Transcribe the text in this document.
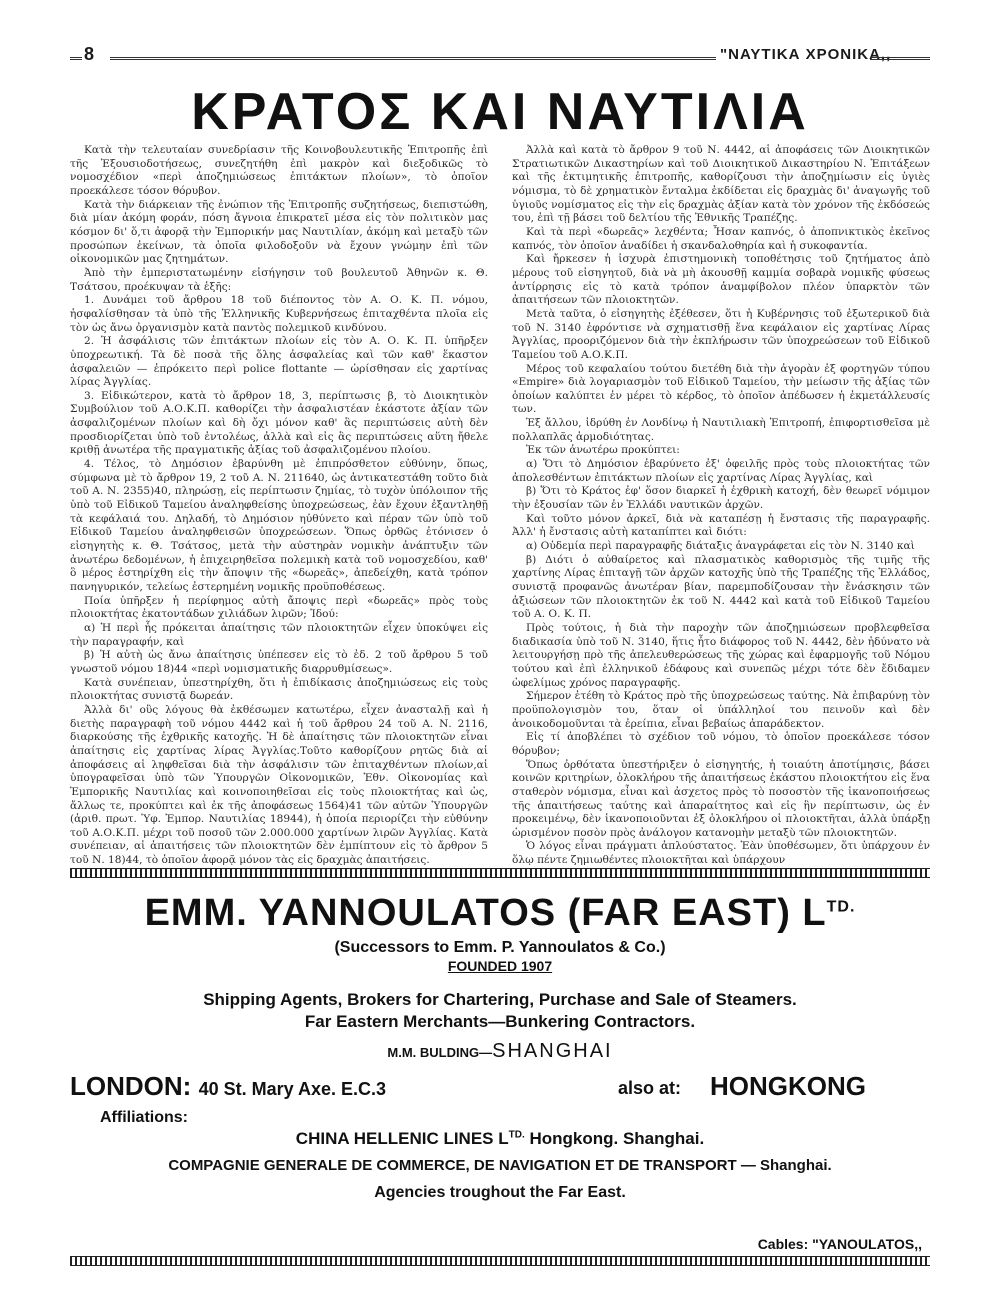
8	"ΝΑΥΤΙΚΑ ΧΡΟΝΙΚΑ,,
ΚΡΑΤΟΣ ΚΑΙ ΝΑΥΤΙΛΙΑ

Κατὰ τὴν τελευταίαν συνεδρίασιν τῆς Κοινοβουλευτικῆς Ἐπιτροπῆς ἐπὶ τῆς Ἐξουσιοδοτήσεως, συνεζητήθη ἐπὶ μακρὸν καὶ διεξοδικῶς τὸ νομοσχέδιον «περὶ ἀποζημιώσεως ἐπιτάκτων πλοίων», τὸ ὁποῖον προεκάλεσε τόσον θόρυβον.

Κατὰ τὴν διάρκειαν τῆς ἐνώπιον τῆς Ἐπιτροπῆς συζητήσεως, διεπιστώθη, διὰ μίαν ἀκόμη φοράν, πόση ἄγνοια ἐπικρατεῖ μέσα εἰς τὸν πολιτικὸν μας κόσμον δι' ὅ,τι ἀφορᾷ τὴν Ἐμπορικήν μας Ναυτιλίαν, ἀκόμη καὶ μεταξὺ τῶν προσώπων ἐκείνων, τὰ ὁποῖα φιλοδοξοῦν νὰ ἔχουν γνώμην ἐπὶ τῶν οἰκονομικῶν μας ζητημάτων.

Ἀπὸ τὴν ἐμπεριστατωμένην εἰσήγησιν τοῦ βουλευτοῦ Ἀθηνῶν κ. Θ. Τσάτσου, προέκυψαν τὰ ἑξῆς:

1. Δυνάμει τοῦ ἄρθρου 18 τοῦ διέποντος τὸν Α. Ο. Κ. Π. νόμου, ἠσφαλίσθησαν τὰ ὑπὸ τῆς Ἑλληνικῆς Κυβερνήσεως ἐπιταχθέντα πλοῖα εἰς τὸν ὡς ἄνω ὀργανισμὸν κατὰ παντὸς πολεμικοῦ κινδύνου.

2. Ἡ ἀσφάλισις τῶν ἐπιτάκτων πλοίων εἰς τὸν Α. Ο. Κ. Π. ὑπῆρξεν ὑποχρεωτική. Τὰ δὲ ποσὰ τῆς ὅλης ἀσφαλείας καὶ τῶν καθ' ἕκαστον ἀσφαλειῶν — ἐπρόκειτο περὶ police flottante — ὡρίσθησαν εἰς χαρτίνας λίρας Ἀγγλίας.

3. Εἰδικώτερον, κατὰ τὸ ἄρθρον 18, 3, περίπτωσις β, τὸ Διοικητικὸν Συμβούλιον τοῦ Α.Ο.Κ.Π. καθορίζει τὴν ἀσφαλιστέαν ἑκάστοτε ἀξίαν τῶν ἀσφαλιζομένων πλοίων καὶ δὴ ὄχι μόνον καθ' ἃς περιπτώσεις αὐτὴ δὲν προσδιορίζεται ὑπὸ τοῦ ἐντολέως, ἀλλὰ καὶ εἰς ἃς περιπτώσεις αὕτη ἤθελε κριθῇ ἀνωτέρα τῆς πραγματικῆς ἀξίας τοῦ ἀσφαλιζομένου πλοίου.

4. Τέλος, τὸ Δημόσιον ἐβαρύνθη μὲ ἐπιπρόσθετον εὐθύνην, ὅπως, σύμφωνα μὲ τὸ ἄρθρον 19, 2 τοῦ Α. Ν. 211640, ὡς ἀντικατεστάθη τοῦτο διὰ τοῦ Α. Ν. 2355)40, πληρώσῃ, εἰς περίπτωσιν ζημίας, τὸ τυχὸν ὑπόλοιπον τῆς ὑπὸ τοῦ Εἰδικοῦ Ταμείου ἀναληφθείσης ὑποχρεώσεως, ἐὰν ἔχουν ἐξαντληθῇ τὰ κεφάλαιά του. Δηλαδή, τὸ Δημόσιον ηὐθύνετο καὶ πέραν τῶν ὑπὸ τοῦ Εἰδικοῦ Ταμείου ἀναληφθεισῶν ὑποχρεώσεων. Ὅπως ὀρθῶς ἐτόνισεν ὁ εἰσηγητὴς κ. Θ. Τσάτσος, μετὰ τὴν αὐστηρὰν νομικὴν ἀνάπτυξιν τῶν ἀνωτέρω δεδομένων, ἡ ἐπιχειρηθεῖσα πολεμικὴ κατὰ τοῦ νομοσχεδίου, καθ' ὃ μέρος ἐστηρίχθη εἰς τὴν ἄποψιν τῆς «δωρεᾶς», ἀπεδείχθη, κατὰ τρόπον πανηγυρικόν, τελείως ἐστερημένη νομικῆς προϋποθέσεως.

Ποία ὑπῆρξεν ἡ περίφημος αὐτὴ ἄποψις περὶ «δωρεᾶς» πρὸς τοὺς πλοιοκτήτας ἑκατοντάδων χιλιάδων λιρῶν; Ἰδού:

α) Ἡ περὶ ἧς πρόκειται ἀπαίτησις τῶν πλοιοκτητῶν εἶχεν ὑποκύψει εἰς τὴν παραγραφήν, καὶ

β) Ἡ αὐτὴ ὡς ἄνω ἀπαίτησις ὑπέπεσεν εἰς τὸ ἐδ. 2 τοῦ ἄρθρου 5 τοῦ γνωστοῦ νόμου 18)44 «περὶ νομισματικῆς διαρρυθμίσεως».

Κατὰ συνέπειαν, ὑπεστηρίχθη, ὅτι ἡ ἐπιδίκασις ἀποζημιώσεως εἰς τοὺς πλοιοκτήτας συνιστᾷ δωρεάν.

Ἀλλὰ δι' οὓς λόγους θὰ ἐκθέσωμεν κατωτέρω, εἶχεν ἀνασταλῇ καὶ ἡ διετὴς παραγραφὴ τοῦ νόμου 4442 καὶ ἡ τοῦ ἄρθρου 24 τοῦ Α. Ν. 2116, διαρκούσης τῆς ἐχθρικῆς κατοχῆς. Ἡ δὲ ἀπαίτησις τῶν πλοιοκτητῶν εἶναι ἀπαίτησις εἰς χαρτίνας λίρας Ἀγγλίας.Τοῦτο καθορίζουν ρητῶς διὰ αἱ ἀποφάσεις αἱ ληφθεῖσαι διὰ τὴν ἀσφάλισιν τῶν ἐπιταχθέντων πλοίων,αἱ ὑπογραφεῖσαι ὑπὸ τῶν Ὑπουργῶν Οἰκονομικῶν, Ἐθν. Οἰκονομίας καὶ Ἐμπορικῆς Ναυτιλίας καὶ κοινοποιηθεῖσαι εἰς τοὺς πλοιοκτήτας καὶ ὡς, ἄλλως τε, προκύπτει καὶ ἐκ τῆς ἀποφάσεως 1564)41 τῶν αὐτῶν Ὑπουργῶν (ἀριθ. πρωτ. Ὑφ. Ἐμπορ. Ναυτιλίας 18944), ἡ ὁποία περιορίζει τὴν εὐθύνην τοῦ Α.Ο.Κ.Π. μέχρι τοῦ ποσοῦ τῶν 2.000.000 χαρτίνων λιρῶν Ἀγγλίας. Κατὰ συνέπειαν, αἱ ἀπαιτήσεις τῶν πλοιοκτητῶν δὲν ἐμπίπτουν εἰς τὸ ἄρθρον 5 τοῦ Ν. 18)44, τὸ ὁποῖον ἀφορᾷ μόνον τὰς εἰς δραχμὰς ἀπαιτήσεις.

Ἀλλὰ καὶ κατὰ τὸ ἄρθρον 9 τοῦ Ν. 4442, αἱ ἀποφάσεις τῶν Διοικητικῶν Στρατιωτικῶν Δικαστηρίων καὶ τοῦ Διοικητικοῦ Δικαστηρίου Ν. Ἐπιτάξεων καὶ τῆς ἐκτιμητικῆς ἐπιτροπῆς, καθορίζουσι τὴν ἀποζημίωσιν εἰς ὑγιὲς νόμισμα, τὸ δὲ χρηματικὸν ἔνταλμα ἐκδίδεται εἰς δραχμὰς δι' ἀναγωγῆς τοῦ ὑγιοῦς νομίσματος εἰς τὴν εἰς δραχμὰς ἀξίαν κατὰ τὸν χρόνον τῆς ἐκδόσεώς του, ἐπὶ τῇ βάσει τοῦ δελτίου τῆς Ἐθνικῆς Τραπέζης.

Καὶ τὰ περὶ «δωρεᾶς» λεχθέντα; Ἦσαν καπνός, ὁ ἀποπνικτικὸς ἐκεῖνος καπνός, τὸν ὁποῖον ἀναδίδει ἡ σκανδαλοθηρία καὶ ἡ συκοφαντία.

Καὶ ἤρκεσεν ἡ ἰσχυρὰ ἐπιστημονικὴ τοποθέτησις τοῦ ζητήματος ἀπὸ μέρους τοῦ εἰσηγητοῦ, διὰ νὰ μὴ ἀκουσθῇ καμμία σοβαρὰ νομικῆς φύσεως ἀντίρρησις εἰς τὸ κατὰ τρόπον ἀναμφίβολον πλέον ὑπαρκτὸν τῶν ἀπαιτήσεων τῶν πλοιοκτητῶν.

Μετὰ ταῦτα, ὁ εἰσηγητὴς ἐξέθεσεν, ὅτι ἡ Κυβέρνησις τοῦ ἐξωτερικοῦ διὰ τοῦ Ν. 3140 ἐφρόντισε νὰ σχηματισθῇ ἕνα κεφάλαιον εἰς χαρτίνας Λίρας Ἀγγλίας, προοριζόμενον διὰ τὴν ἐκπλήρωσιν τῶν ὑποχρεώσεων τοῦ Εἰδικοῦ Ταμείου τοῦ Α.Ο.Κ.Π.

Μέρος τοῦ κεφαλαίου τούτου διετέθη διὰ τὴν ἀγορὰν ἐξ φορτηγῶν τύπου «Empire» διὰ λογαριασμὸν τοῦ Εἰδικοῦ Ταμείου, τὴν μείωσιν τῆς ἀξίας τῶν ὁποίων καλύπτει ἐν μέρει τὸ κέρδος, τὸ ὁποῖον ἀπέδωσεν ἡ ἐκμετάλλευσίς των.

Ἐξ ἄλλου, ἱδρύθη ἐν Λονδίνῳ ἡ Ναυτιλιακὴ Ἐπιτροπή, ἐπιφορτισθεῖσα μὲ πολλαπλᾶς ἁρμοδιότητας.

Ἐκ τῶν ἀνωτέρω προκύπτει:

α) Ὅτι τὸ Δημόσιον ἐβαρύνετο ἐξ' ὀφειλῆς πρὸς τοὺς πλοιοκτήτας τῶν ἀπολεσθέντων ἐπιτάκτων πλοίων εἰς χαρτίνας Λίρας Ἀγγλίας, καὶ

β) Ὅτι τὸ Κράτος ἐφ' ὅσον διαρκεῖ ἡ ἐχθρικὴ κατοχή, δὲν θεωρεῖ νόμιμον τὴν ἐξουσίαν τῶν ἐν Ἑλλάδι ναυτικῶν ἀρχῶν.

Καὶ τοῦτο μόνον ἀρκεῖ, διὰ νὰ καταπέσῃ ἡ ἔνστασις τῆς παραγραφῆς. Ἀλλ' ἡ ἔνστασις αὐτὴ καταπίπτει καὶ διότι:

α) Οὐδεμία περὶ παραγραφῆς διάταξις ἀναγράφεται εἰς τὸν Ν. 3140 καὶ

β) Διότι ὁ αὐθαίρετος καὶ πλασματικὸς καθορισμὸς τῆς τιμῆς τῆς χαρτίνης Λίρας ἐπιταγῇ τῶν ἀρχῶν κατοχῆς ὑπὸ τῆς Τραπέζης τῆς Ἑλλάδος, συνιστᾷ προφανῶς ἀνωτέραν βίαν, παρεμποδίζουσαν τὴν ἔνάσκησιν τῶν ἀξιώσεων τῶν πλοιοκτητῶν ἐκ τοῦ Ν. 4442 καὶ κατὰ τοῦ Εἰδικοῦ Ταμείου τοῦ Α. Ο. Κ. Π.

Πρὸς τούτοις, ἡ διὰ τὴν παροχὴν τῶν ἀποζημιώσεων προβλεφθεῖσα διαδικασία ὑπὸ τοῦ Ν. 3140, ἥτις ἦτο διάφορος τοῦ Ν. 4442, δὲν ἠδύνατο νὰ λειτουργήσῃ πρὸ τῆς ἀπελευθερώσεως τῆς χώρας καὶ ἐφαρμογῆς τοῦ Νόμου τούτου καὶ ἐπὶ ἑλληνικοῦ ἐδάφους καὶ συνεπῶς μέχρι τότε δὲν ἔδιδαμεν ὠφελίμως χρόνος παραγραφῆς.

Σήμερον ἐτέθη τὸ Κράτος πρὸ τῆς ὑποχρεώσεως ταύτης. Νὰ ἐπιβαρύνῃ τὸν προϋπολογισμὸν του, ὅταν οἱ ὑπάλληλοί του πεινοῦν καὶ δὲν ἀνοικοδομοῦνται τὰ ἐρείπια, εἶναι βεβαίως ἀπαράδεκτον.

Εἰς τί ἀποβλέπει τὸ σχέδιον τοῦ νόμου, τὸ ὁποῖον προεκάλεσε τόσον θόρυβον;

Ὅπως ὀρθότατα ὑπεστήριξεν ὁ εἰσηγητής, ἡ τοιαύτη ἀποτίμησις, βάσει κοινῶν κριτηρίων, ὁλοκλήρου τῆς ἀπαιτήσεως ἑκάστου πλοιοκτήτου εἰς ἕνα σταθερὸν νόμισμα, εἶναι καὶ ἀσχετος πρὸς τὸ ποσοστὸν τῆς ἱκανοποιήσεως τῆς ἀπαιτήσεως ταύτης καὶ ἀπαραίτητος καὶ εἰς ἣν περίπτωσιν, ὡς ἐν προκειμένῳ, δὲν ἱκανοποιοῦνται ἐξ ὁλοκλήρου οἱ πλοιοκτῆται, ἀλλὰ ὑπάρξῃ ὡρισμένον ποσὸν πρὸς ἀνάλογον κατανομὴν μεταξὺ τῶν πλοιοκτητῶν.

Ὁ λόγος εἶναι πράγματι ἁπλούστατος. Ἐὰν ὑποθέσωμεν, ὅτι ὑπάρχουν ἐν ὅλῳ πέντε ζημιωθέντες πλοιοκτῆται καὶ ὑπάρχουν

EMM. YANNOULATOS (FAR EAST) $L^{TD.}$
(Successors to Emm. P. Yannoulatos & Co.)
FOUNDED 1907
Shipping Agents, Brokers for Chartering, Purchase and Sale of Steamers.
Far Eastern Merchants—Bunkering Contractors.
M.M. BULDING—SHANGHAI
LONDON: 40 St. Mary Axe. E.C.3	also at: HONGKONG
Affiliations:
CHINA HELLENIC LINES $L^{TD.}$ Hongkong. Shanghai.
COMPAGNIE GENERALE DE COMMERCE, DE NAVIGATION ET DE TRANSPORT — Shanghai.
Agencies troughout the Far East.
Cables: "YANOULATOS,,
